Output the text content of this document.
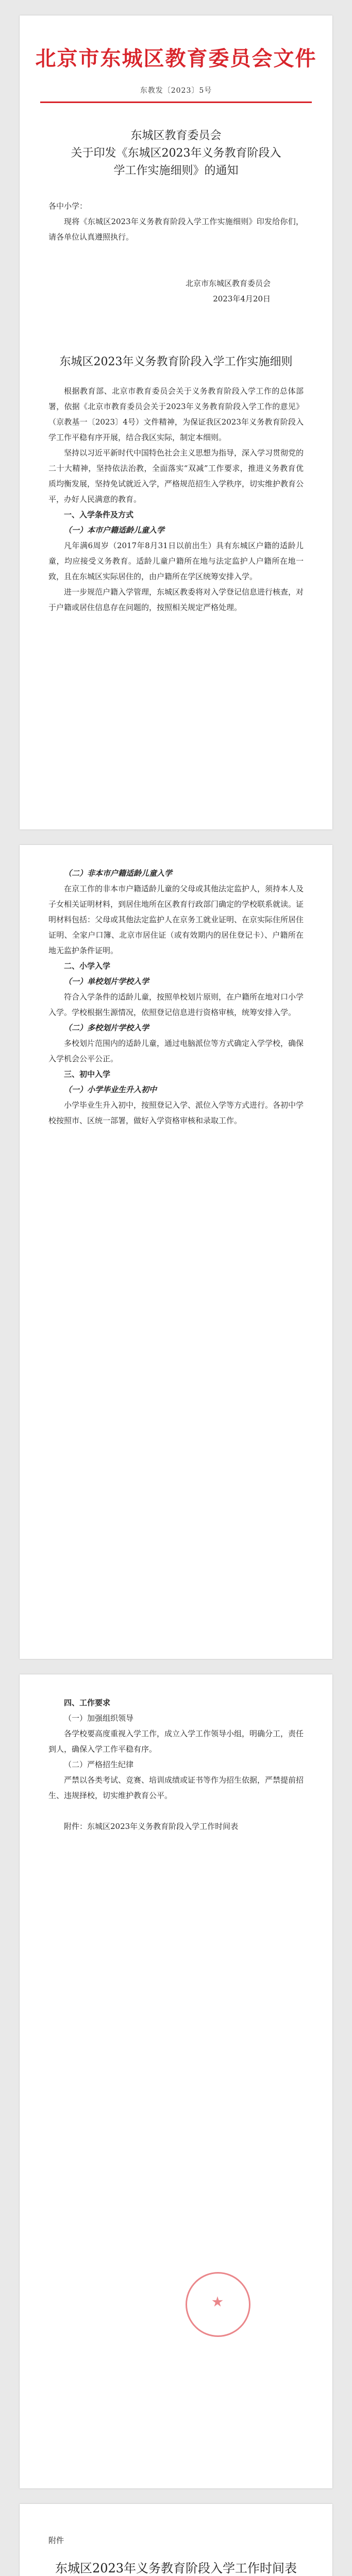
北京市东城区教育委员会文件
东教发〔2023〕5号
东城区教育委员会
关于印发《东城区2023年义务教育阶段入学工作实施细则》的通知

各中小学：

现将《东城区2023年义务教育阶段入学工作实施细则》印发给你们，请各单位认真遵照执行。

北京市东城区教育委员会
2023年4月20日
东城区2023年义务教育阶段入学工作实施细则

根据教育部、北京市教育委员会关于义务教育阶段入学工作的总体部署，依据《北京市教育委员会关于2023年义务教育阶段入学工作的意见》（京教基一〔2023〕4号）文件精神，为保证我区2023年义务教育阶段入学工作平稳有序开展，结合我区实际，制定本细则。

坚持以习近平新时代中国特色社会主义思想为指导，深入学习贯彻党的二十大精神，坚持依法治教，全面落实“双减”工作要求，推进义务教育优质均衡发展，坚持免试就近入学，严格规范招生入学秩序，切实维护教育公平，办好人民满意的教育。

一、入学条件及方式
（一）本市户籍适龄儿童入学

凡年满6周岁（2017年8月31日以前出生）具有东城区户籍的适龄儿童，均应接受义务教育。适龄儿童户籍所在地与法定监护人户籍所在地一致，且在东城区实际居住的，由户籍所在学区统筹安排入学。

进一步规范户籍入学管理，东城区教委将对入学登记信息进行核查，对于户籍或居住信息存在问题的，按照相关规定严格处理。

（二）非本市户籍适龄儿童入学

在京工作的非本市户籍适龄儿童的父母或其他法定监护人，须持本人及子女相关证明材料，到居住地所在区教育行政部门确定的学校联系就读。证明材料包括：父母或其他法定监护人在京务工就业证明、在京实际住所居住证明、全家户口簿、北京市居住证（或有效期内的居住登记卡）、户籍所在地无监护条件证明。

二、小学入学
（一）单校划片学校入学

符合入学条件的适龄儿童，按照单校划片原则，在户籍所在地对口小学入学。学校根据生源情况，依照登记信息进行资格审核，统筹安排入学。

（二）多校划片学校入学

多校划片范围内的适龄儿童，通过电脑派位等方式确定入学学校，确保入学机会公平公正。

三、初中入学
（一）小学毕业生升入初中

小学毕业生升入初中，按照登记入学、派位入学等方式进行。各初中学校按照市、区统一部署，做好入学资格审核和录取工作。

四、工作要求
（一）加强组织领导

各学校要高度重视入学工作，成立入学工作领导小组，明确分工，责任到人，确保入学工作平稳有序。

（二）严格招生纪律

严禁以各类考试、竞赛、培训成绩或证书等作为招生依据，严禁提前招生、违规择校，切实维护教育公平。

附件：东城区2023年义务教育阶段入学工作时间表

附件
东城区2023年义务教育阶段入学工作时间表
